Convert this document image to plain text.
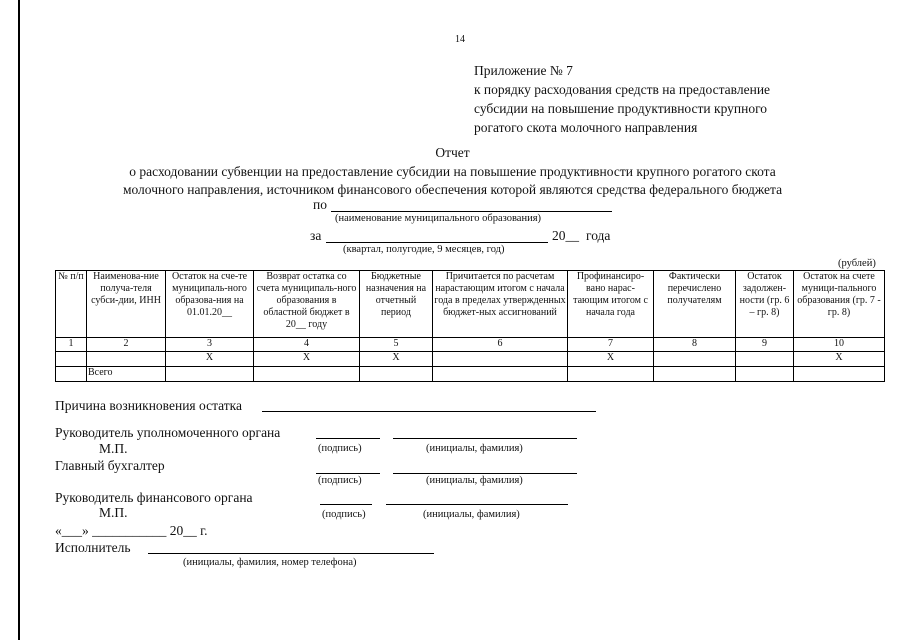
14
Приложение № 7
к порядку расходования средств на предоставление
субсидии на повышение продуктивности крупного
рогатого скота молочного направления
Отчет
о расходовании субвенции на предоставление субсидии на повышение продуктивности крупного рогатого скота
молочного направления, источником финансового обеспечения которой являются средства федерального бюджета
по
(наименование муниципального образования)
за	20__ года
(квартал, полугодие, 9 месяцев, год)
(рублей)
№ п/п	Наименова-ние получа-теля субси-дии, ИНН	Остаток на сче-те муниципаль-ного образова-ния на 01.01.20__	Возврат остатка со счета муниципаль-ного образования в областной бюджет в 20__ году	Бюджетные назначения на отчетный период	Причитается по расчетам нарастающим итогом с начала года в пределах утвержденных бюджет-ных ассигнований	Профинансиро-вано нарас-тающим итогом с начала года	Фактически перечислено получателям	Остаток задолжен-ности (гр. 6 – гр. 8)	Остаток на счете муници-пального образования (гр. 7 - гр. 8)
1	2	3	4	5	6	7	8	9	10
		X	X	X		X			X
	Всего								
Причина возникновения остатка
Руководитель уполномоченного органа
М.П.	(подпись)	(инициалы, фамилия)
Главный бухгалтер
(подпись)	(инициалы, фамилия)
Руководитель финансового органа
М.П.	(подпись)	(инициалы, фамилия)
«___» ___________ 20__ г.
Исполнитель
(инициалы, фамилия, номер телефона)
